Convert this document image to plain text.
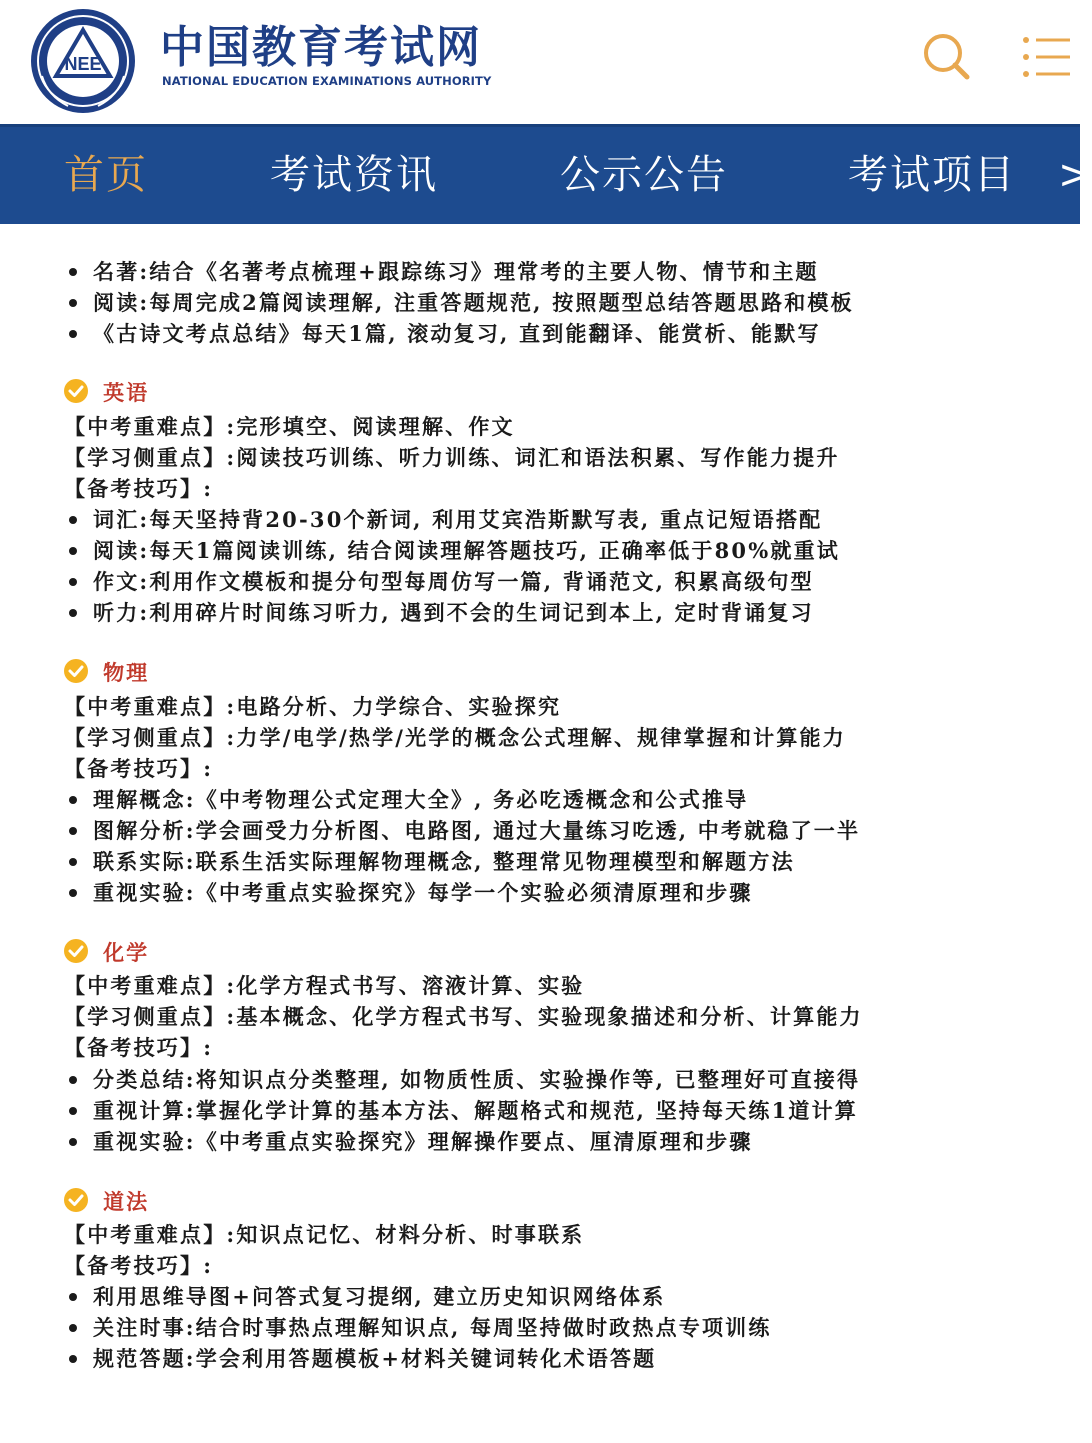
NEE 中国教育考试网
NATIONAL EDUCATION EXAMINATIONS AUTHORITY
首页	考试资讯	公示公告	考试项目 >
名著:结合《名著考点梳理+跟踪练习》理常考的主要人物、情节和主题
阅读:每周完成2篇阅读理解, 注重答题规范, 按照题型总结答题思路和模板
《古诗文考点总结》每天1篇, 滚动复习, 直到能翻译、能赏析、能默写
英语
【中考重难点】:完形填空、阅读理解、作文
【学习侧重点】:阅读技巧训练、听力训练、词汇和语法积累、写作能力提升
【备考技巧】:
词汇:每天坚持背20-30个新词, 利用艾宾浩斯默写表, 重点记短语搭配
阅读:每天1篇阅读训练, 结合阅读理解答题技巧, 正确率低于80%就重试
作文:利用作文模板和提分句型每周仿写一篇, 背诵范文, 积累高级句型
听力:利用碎片时间练习听力, 遇到不会的生词记到本上, 定时背诵复习
物理
【中考重难点】:电路分析、力学综合、实验探究
【学习侧重点】:力学/电学/热学/光学的概念公式理解、规律掌握和计算能力
【备考技巧】:
理解概念:《中考物理公式定理大全》, 务必吃透概念和公式推导
图解分析:学会画受力分析图、电路图, 通过大量练习吃透, 中考就稳了一半
联系实际:联系生活实际理解物理概念, 整理常见物理模型和解题方法
重视实验:《中考重点实验探究》每学一个实验必须清原理和步骤
化学
【中考重难点】:化学方程式书写、溶液计算、实验
【学习侧重点】:基本概念、化学方程式书写、实验现象描述和分析、计算能力
【备考技巧】:
分类总结:将知识点分类整理, 如物质性质、实验操作等, 已整理好可直接得
重视计算:掌握化学计算的基本方法、解题格式和规范, 坚持每天练1道计算
重视实验:《中考重点实验探究》理解操作要点、厘清原理和步骤
道法
【中考重难点】:知识点记忆、材料分析、时事联系
【备考技巧】:
利用思维导图+问答式复习提纲, 建立历史知识网络体系
关注时事:结合时事热点理解知识点, 每周坚持做时政热点专项训练
规范答题:学会利用答题模板+材料关键词转化术语答题
